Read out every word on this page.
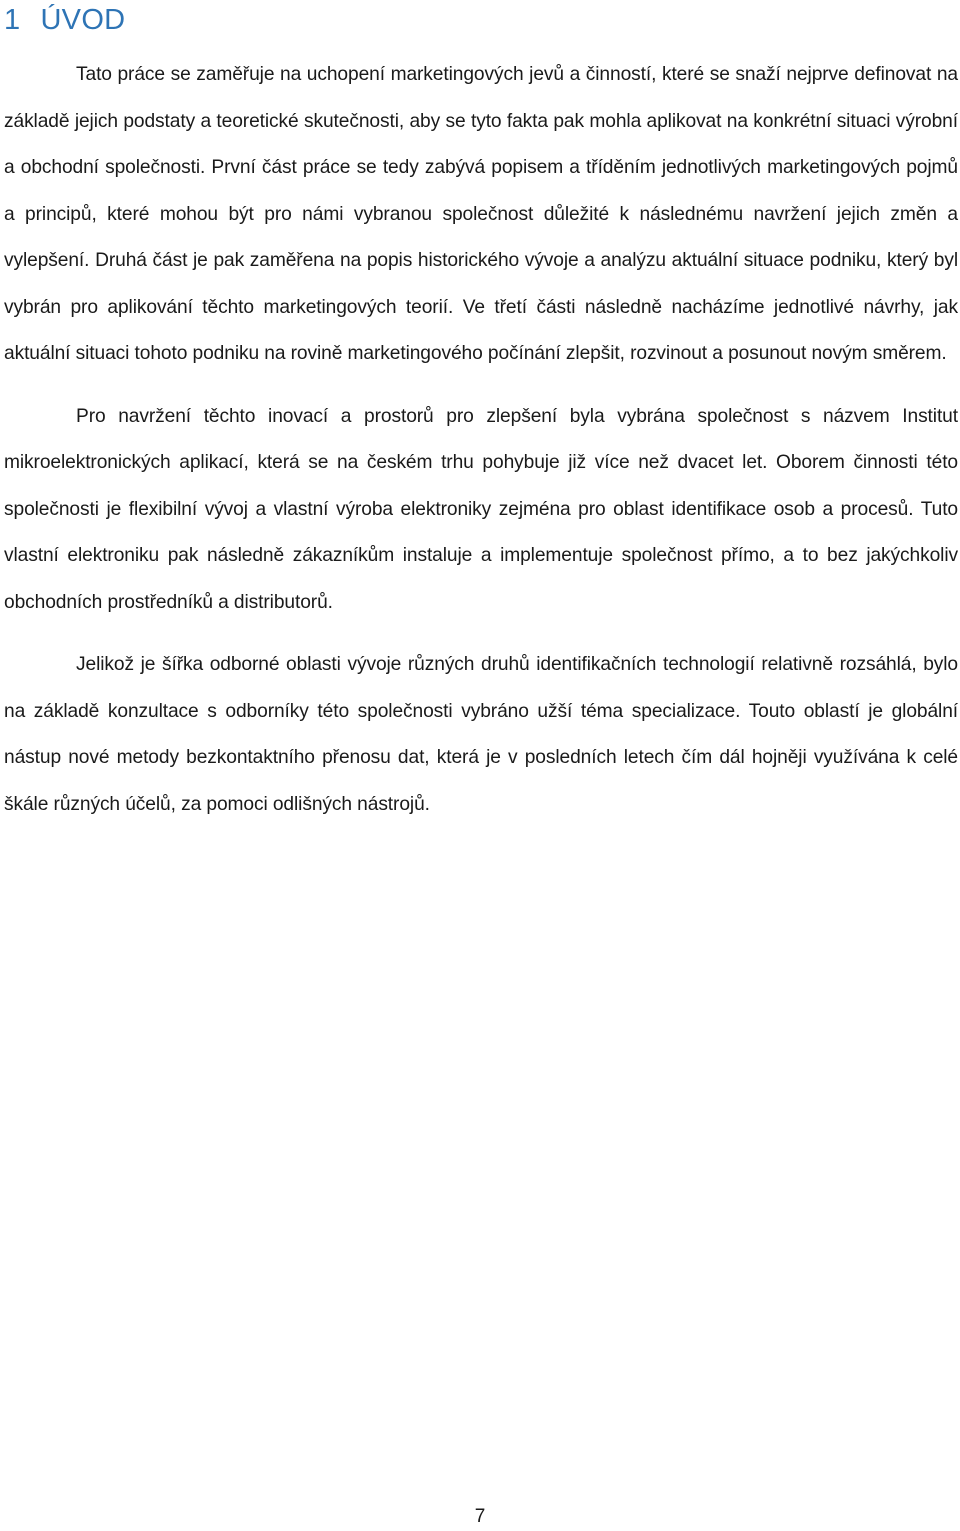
1 ÚVOD

Tato práce se zaměřuje na uchopení marketingových jevů a činností, které se snaží nejprve definovat na základě jejich podstaty a teoretické skutečnosti, aby se tyto fakta pak mohla aplikovat na konkrétní situaci výrobní a obchodní společnosti. První část práce se tedy zabývá popisem a tříděním jednotlivých marketingových pojmů a principů, které mohou být pro námi vybranou společnost důležité k následnému navržení jejich změn a vylepšení. Druhá část je pak zaměřena na popis historického vývoje a analýzu aktuální situace podniku, který byl vybrán pro aplikování těchto marketingových teorií. Ve třetí části následně nacházíme jednotlivé návrhy, jak aktuální situaci tohoto podniku na rovině marketingového počínání zlepšit, rozvinout a posunout novým směrem.

Pro navržení těchto inovací a prostorů pro zlepšení byla vybrána společnost s názvem Institut mikroelektronických aplikací, která se na českém trhu pohybuje již více než dvacet let. Oborem činnosti této společnosti je flexibilní vývoj a vlastní výroba elektroniky zejména pro oblast identifikace osob a procesů. Tuto vlastní elektroniku pak následně zákazníkům instaluje a implementuje společnost přímo, a to bez jakýchkoliv obchodních prostředníků a distributorů.

Jelikož je šířka odborné oblasti vývoje různých druhů identifikačních technologií relativně rozsáhlá, bylo na základě konzultace s odborníky této společnosti vybráno užší téma specializace. Touto oblastí je globální nástup nové metody bezkontaktního přenosu dat, která je v posledních letech čím dál hojněji využívána k celé škále různých účelů, za pomoci odlišných nástrojů.

7
